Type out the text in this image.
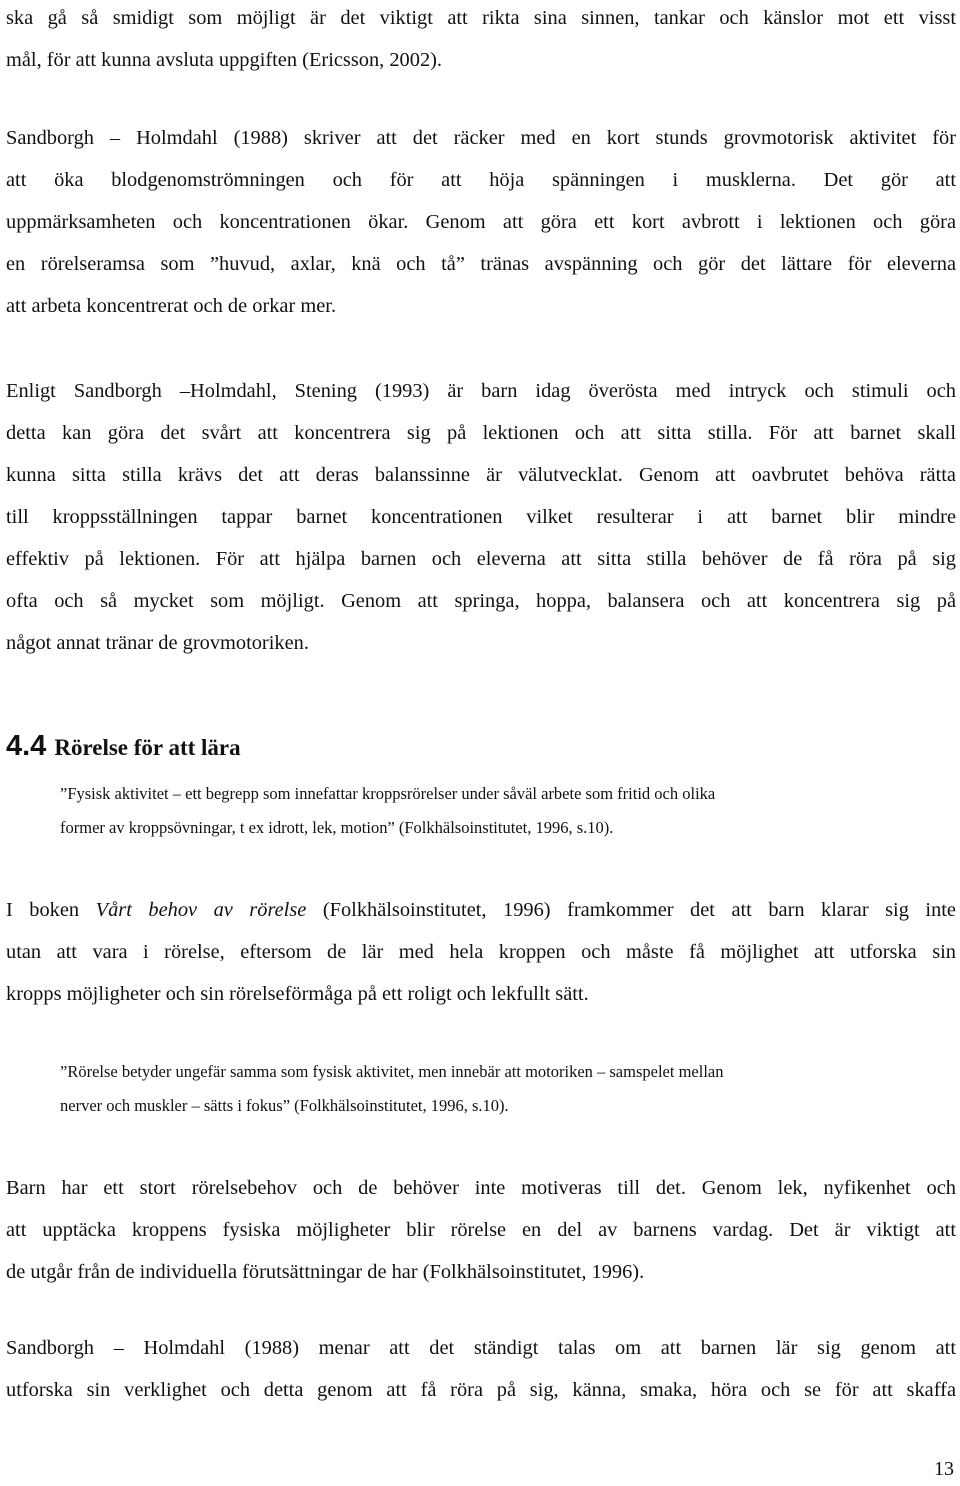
ska gå så smidigt som möjligt är det viktigt att rikta sina sinnen, tankar och känslor mot ett visst
mål, för att kunna avsluta uppgiften (Ericsson, 2002).

Sandborgh – Holmdahl (1988) skriver att det räcker med en kort stunds grovmotorisk aktivitet för
att öka blodgenomströmningen och för att höja spänningen i musklerna. Det gör att
uppmärksamheten och koncentrationen ökar. Genom att göra ett kort avbrott i lektionen och göra
en rörelseramsa som ”huvud, axlar, knä och tå” tränas avspänning och gör det lättare för eleverna
att arbeta koncentrerat och de orkar mer.

Enligt Sandborgh –Holmdahl, Stening (1993) är barn idag överösta med intryck och stimuli och
detta kan göra det svårt att koncentrera sig på lektionen och att sitta stilla. För att barnet skall
kunna sitta stilla krävs det att deras balanssinne är välutvecklat. Genom att oavbrutet behöva rätta
till kroppsställningen tappar barnet koncentrationen vilket resulterar i att barnet blir mindre
effektiv på lektionen. För att hjälpa barnen och eleverna att sitta stilla behöver de få röra på sig
ofta och så mycket som möjligt. Genom att springa, hoppa, balansera och att koncentrera sig på
något annat tränar de grovmotoriken.

4.4 Rörelse för att lära

”Fysisk aktivitet – ett begrepp som innefattar kroppsrörelser under såväl arbete som fritid och olika
former av kroppsövningar, t ex idrott, lek, motion” (Folkhälsoinstitutet, 1996, s.10).

I boken Vårt behov av rörelse (Folkhälsoinstitutet, 1996) framkommer det att barn klarar sig inte
utan att vara i rörelse, eftersom de lär med hela kroppen och måste få möjlighet att utforska sin
kropps möjligheter och sin rörelseförmåga på ett roligt och lekfullt sätt.

”Rörelse betyder ungefär samma som fysisk aktivitet, men innebär att motoriken – samspelet mellan
nerver och muskler – sätts i fokus” (Folkhälsoinstitutet, 1996, s.10).

Barn har ett stort rörelsebehov och de behöver inte motiveras till det. Genom lek, nyfikenhet och
att upptäcka kroppens fysiska möjligheter blir rörelse en del av barnens vardag. Det är viktigt att
de utgår från de individuella förutsättningar de har (Folkhälsoinstitutet, 1996).

Sandborgh – Holmdahl (1988) menar att det ständigt talas om att barnen lär sig genom att
utforska sin verklighet och detta genom att få röra på sig, känna, smaka, höra och se för att skaffa

13
